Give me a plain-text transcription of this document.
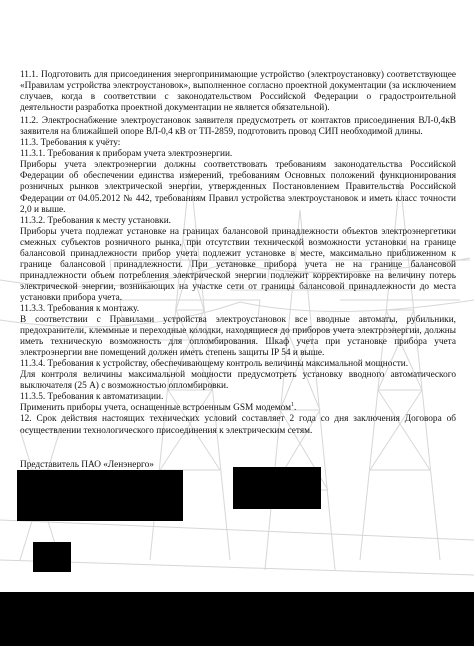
11.1. Подготовить для присоединения энергопринимающие устройство (электроустановку) соответствующее «Правилам устройства электроустановок», выполненное согласно проектной документации (за исключением случаев, когда в соответствии с законодательством Российской Федерации о градостроительной деятельности разработка проектной документации не является обязательной).

11.2. Электроснабжение электроустановок заявителя предусмотреть от контактов присоединения ВЛ-0,4кВ заявителя на ближайшей опоре ВЛ-0,4 кВ от ТП-2859, подготовить провод СИП необходимой длины.

11.3. Требования к учёту:

11.3.1. Требования к приборам учета электроэнергии.

Приборы учета электроэнергии должны соответствовать требованиям законодательства Российской Федерации об обеспечении единства измерений, требованиям Основных положений функционирования розничных рынков электрической энергии, утвержденных Постановлением Правительства Российской Федерации от 04.05.2012 № 442, требованиям Правил устройства электроустановок и иметь класс точности 2,0 и выше.

11.3.2. Требования к месту установки.

Приборы учета подлежат установке на границах балансовой принадлежности объектов электроэнергетики смежных субъектов розничного рынка, при отсутствии технической возможности установки на границе балансовой принадлежности прибор учета подлежит установке в месте, максимально приближенном к границе балансовой принадлежности. При установке прибора учета не на границе балансовой принадлежности объем потребления электрической энергии подлежит корректировке на величину потерь электрической энергии, возникающих на участке сети от границы балансовой принадлежности до места установки прибора учета.

11.3.3. Требования к монтажу.

В соответствии с Правилами устройства электроустановок все вводные автоматы, рубильники, предохранители, клеммные и переходные колодки, находящиеся до приборов учета электроэнергии, должны иметь техническую возможность для опломбирования. Шкаф учета при установке прибора учета электроэнергии вне помещений должен иметь степень защиты IP 54 и выше.

11.3.4. Требования к устройству, обеспечивающему контроль величины максимальной мощности.

Для контроля величины максимальной мощности предусмотреть установку вводного автоматического выключателя (25 А) с возможностью опломбировки.

11.3.5. Требования к автоматизации.

Применить приборы учета, оснащенные встроенным GSM модемом$^1$.

12. Срок действия настоящих технических условий составляет 2 года со дня заключения Договора об осуществлении технологического присоединения к электрическим сетям.

Представитель ПАО «Ленэнерго»
